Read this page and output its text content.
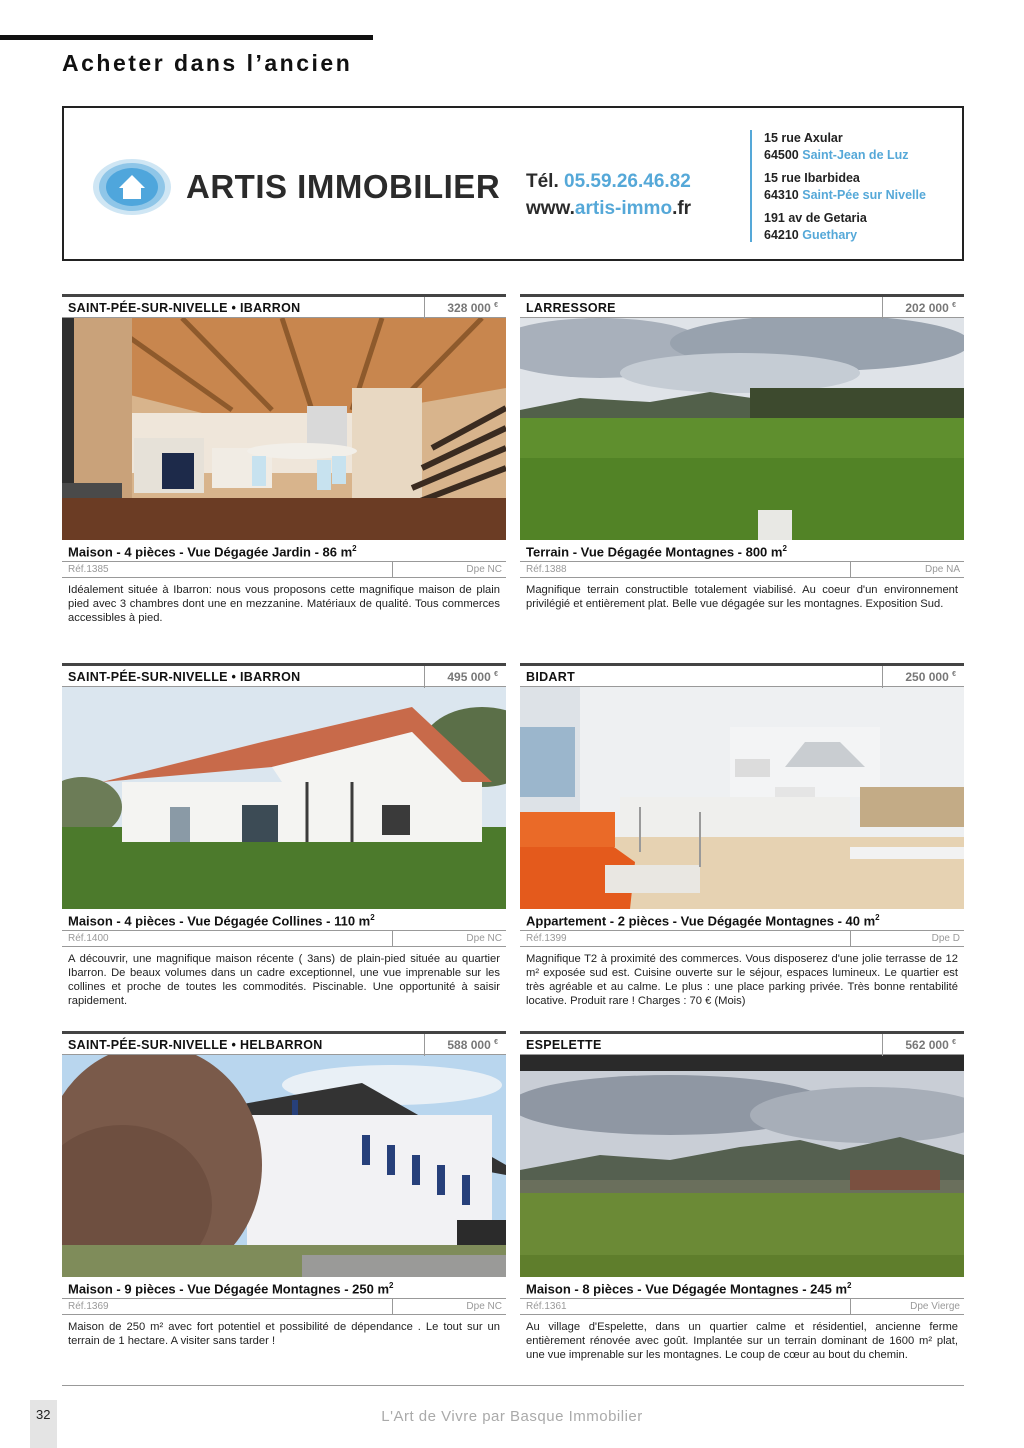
Acheter dans l’ancien
ARTIS IMMOBILIER Tél. 05.59.26.46.82
www.artis-immo.fr
15 rue Axular
64500 Saint-Jean de Luz
15 rue Ibarbidea
64310 Saint-Pée sur Nivelle
191 av de Getaria
64210 Guethary
SAINT-PÉE-SUR-NIVELLE • IBARRON	328 000 €
Maison - 4 pièces - Vue Dégagée Jardin - 86 $m^2$
Réf.1385	Dpe NC
Idéalement située à Ibarron: nous vous proposons cette magnifique maison de plain pied avec 3 chambres dont une en mezzanine. Matériaux de qualité. Tous commerces accessibles à pied.
LARRESSORE	202 000 €
Terrain - Vue Dégagée Montagnes - 800 $m^2$
Réf.1388	Dpe NA
Magnifique terrain constructible totalement viabilisé. Au coeur d'un environnement privilégié et entièrement plat. Belle vue dégagée sur les montagnes. Exposition Sud.
SAINT-PÉE-SUR-NIVELLE • IBARRON	495 000 €
Maison - 4 pièces - Vue Dégagée Collines - 110 $m^2$
Réf.1400	Dpe NC
A découvrir, une magnifique maison récente ( 3ans) de plain-pied située au quartier Ibarron. De beaux volumes dans un cadre exceptionnel, une vue imprenable sur les collines et proche de toutes les commodités. Piscinable. Une opportunité à saisir rapidement.
BIDART	250 000 €
Appartement - 2 pièces - Vue Dégagée Montagnes - 40 $m^2$
Réf.1399	Dpe D
Magnifique T2 à proximité des commerces. Vous disposerez d'une jolie terrasse de 12 m² exposée sud est. Cuisine ouverte sur le séjour, espaces lumineux. Le quartier est très agréable et au calme. Le plus : une place parking privée. Très bonne rentabilité locative. Produit rare ! Charges : 70 € (Mois)
SAINT-PÉE-SUR-NIVELLE • HELBARRON	588 000 €
Maison - 9 pièces - Vue Dégagée Montagnes - 250 $m^2$
Réf.1369	Dpe NC
Maison de 250 m² avec fort potentiel et possibilité de dépendance . Le tout sur un terrain de 1 hectare. A visiter sans tarder !
ESPELETTE	562 000 €
Maison - 8 pièces - Vue Dégagée Montagnes - 245 $m^2$
Réf.1361	Dpe Vierge
Au village d'Espelette, dans un quartier calme et résidentiel, ancienne ferme entièrement rénovée avec goût. Implantée sur un terrain dominant de 1600 m² plat, une vue imprenable sur les montagnes. Le coup de cœur au bout du chemin.
32	L'Art de Vivre par Basque Immobilier
